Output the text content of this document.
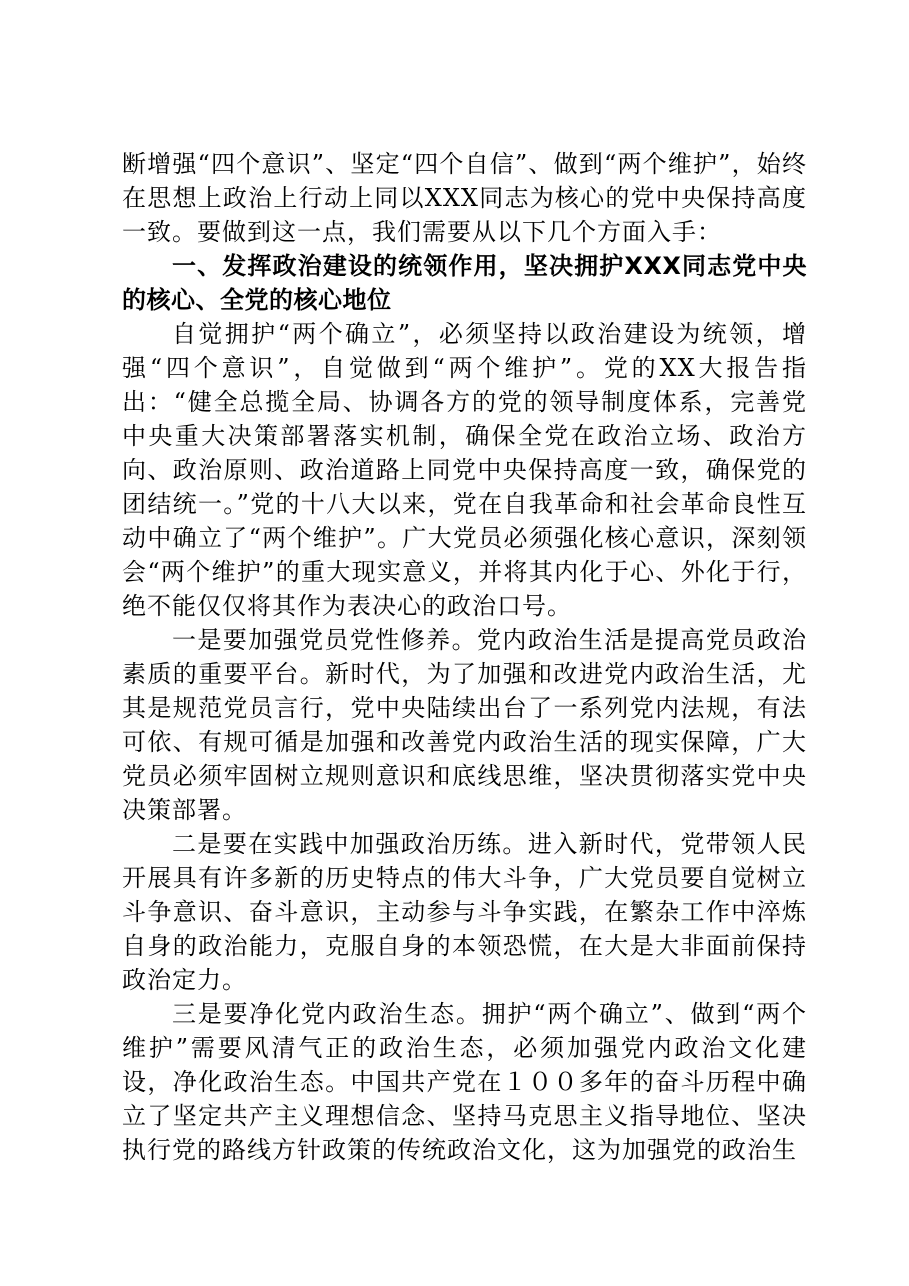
断增强“四个意识”、坚定“四个自信”、做到“两个维护”，始终在思想上政治上行动上同以XXX同志为核心的党中央保持高度一致。要做到这一点，我们需要从以下几个方面入手：

一、发挥政治建设的统领作用，坚决拥护XXX同志党中央的核心、全党的核心地位

自觉拥护“两个确立”，必须坚持以政治建设为统领，增强“四个意识”，自觉做到“两个维护”。党的XX大报告指出：“健全总揽全局、协调各方的党的领导制度体系，完善党中央重大决策部署落实机制，确保全党在政治立场、政治方向、政治原则、政治道路上同党中央保持高度一致，确保党的团结统一。”党的十八大以来，党在自我革命和社会革命良性互动中确立了“两个维护”。广大党员必须强化核心意识，深刻领会“两个维护”的重大现实意义，并将其内化于心、外化于行，绝不能仅仅将其作为表决心的政治口号。

一是要加强党员党性修养。党内政治生活是提高党员政治素质的重要平台。新时代，为了加强和改进党内政治生活，尤其是规范党员言行，党中央陆续出台了一系列党内法规，有法可依、有规可循是加强和改善党内政治生活的现实保障，广大党员必须牢固树立规则意识和底线思维，坚决贯彻落实党中央决策部署。

二是要在实践中加强政治历练。进入新时代，党带领人民开展具有许多新的历史特点的伟大斗争，广大党员要自觉树立斗争意识、奋斗意识，主动参与斗争实践，在繁杂工作中淬炼自身的政治能力，克服自身的本领恐慌，在大是大非面前保持政治定力。

三是要净化党内政治生态。拥护“两个确立”、做到“两个维护”需要风清气正的政治生态，必须加强党内政治文化建设，净化政治生态。中国共产党在１００多年的奋斗历程中确立了坚定共产主义理想信念、坚持马克思主义指导地位、坚决执行党的路线方针政策的传统政治文化，这为加强党的政治生
